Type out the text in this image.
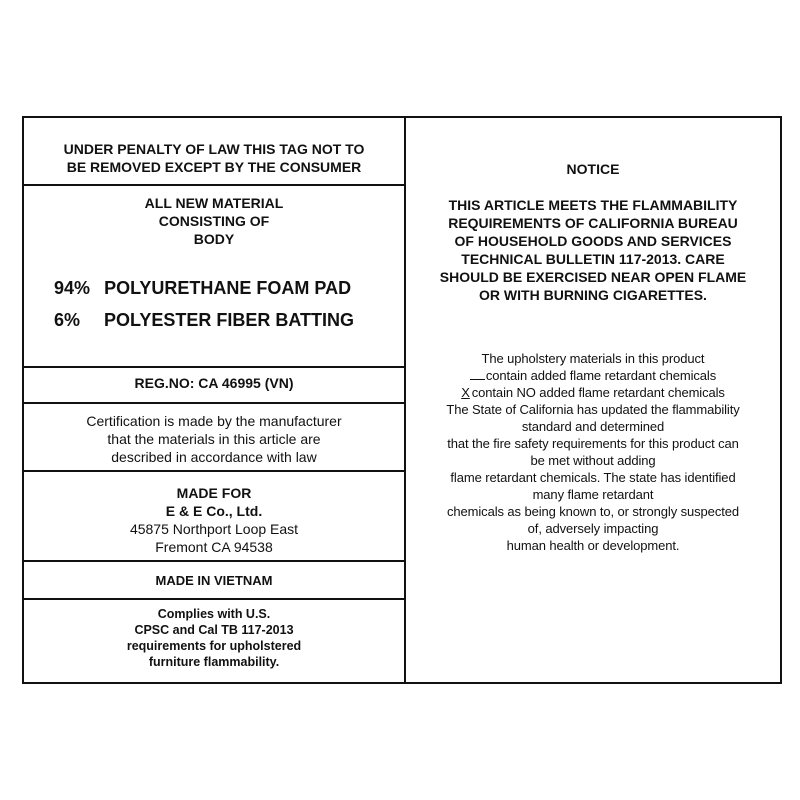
UNDER PENALTY OF LAW THIS TAG NOT TO
BE REMOVED EXCEPT BY THE CONSUMER
ALL NEW MATERIAL
CONSISTING OF
BODY
94% POLYURETHANE FOAM PAD
6% POLYESTER FIBER BATTING
REG.NO: CA 46995 (VN)
Certification is made by the manufacturer
that the materials in this article are
described in accordance with law
MADE FOR
E & E Co., Ltd.
45875 Northport Loop East
Fremont CA 94538
MADE IN VIETNAM
Complies with U.S.
CPSC and Cal TB 117-2013
requirements for upholstered
furniture flammability.
NOTICE
THIS ARTICLE MEETS THE FLAMMABILITY
REQUIREMENTS OF CALIFORNIA BUREAU
OF HOUSEHOLD GOODS AND SERVICES
TECHNICAL BULLETIN 117-2013. CARE
SHOULD BE EXERCISED NEAR OPEN FLAME
OR WITH BURNING CIGARETTES.
The upholstery materials in this product
contain added flame retardant chemicals
X contain NO added flame retardant chemicals
The State of California has updated the flammability
standard and determined
that the fire safety requirements for this product can
be met without adding
flame retardant chemicals. The state has identified
many flame retardant
chemicals as being known to, or strongly suspected
of, adversely impacting
human health or development.
